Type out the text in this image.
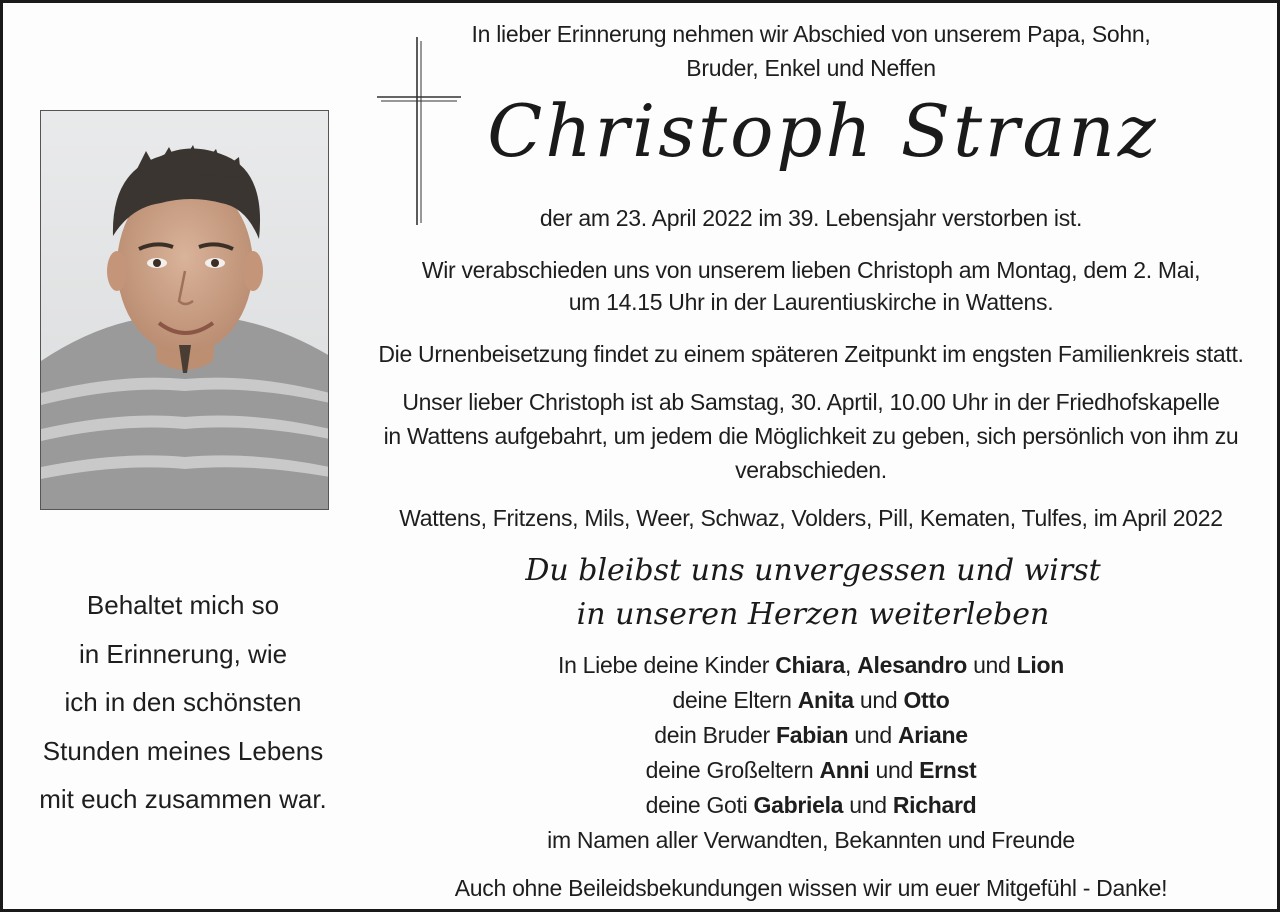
In lieber Erinnerung nehmen wir Abschied von unserem Papa, Sohn,
Bruder, Enkel und Neffen
Christoph Stranz
der am 23. April 2022 im 39. Lebensjahr verstorben ist.
Wir verabschieden uns von unserem lieben Christoph am Montag, dem 2. Mai,
um 14.15 Uhr in der Laurentiuskirche in Wattens.
Die Urnenbeisetzung findet zu einem späteren Zeitpunkt im engsten Familienkreis statt.
Unser lieber Christoph ist ab Samstag, 30. Aprtil, 10.00 Uhr in der Friedhofskapelle
in Wattens aufgebahrt, um jedem die Möglichkeit zu geben, sich persönlich von ihm zu
verabschieden.
Wattens, Fritzens, Mils, Weer, Schwaz, Volders, Pill, Kematen, Tulfes, im April 2022
Du bleibst uns unvergessen und wirst
in unseren Herzen weiterleben
In Liebe deine Kinder Chiara, Alesandro und Lion
deine Eltern Anita und Otto
dein Bruder Fabian und Ariane
deine Großeltern Anni und Ernst
deine Goti Gabriela und Richard
im Namen aller Verwandten, Bekannten und Freunde
Auch ohne Beileidsbekundungen wissen wir um euer Mitgefühl - Danke!
Behaltet mich so
in Erinnerung, wie
ich in den schönsten
Stunden meines Lebens
mit euch zusammen war.
